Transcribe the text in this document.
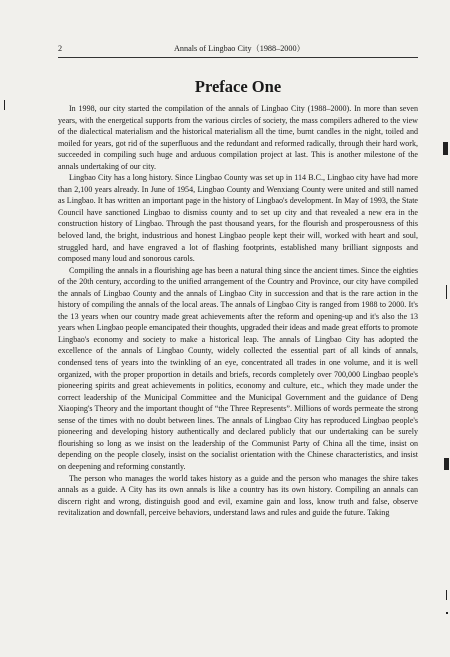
2	Annals of Lingbao City（1988–2000）
Preface One

In 1998, our city started the compilation of the annals of Lingbao City (1988–2000). In more than seven years, with the energetical supports from the various circles of society, the mass compilers adhered to the view of the dialectical materialism and the historical materialism all the time, burnt candles in the night, toiled and moiled for years, got rid of the superfluous and the redundant and reformed radically, through their hard work, succeeded in compiling such huge and arduous compilation project at last. This is another milestone of the annals undertaking of our city.

Lingbao City has a long history. Since Lingbao County was set up in 114 B.C., Lingbao city have had more than 2,100 years already. In June of 1954, Lingbao County and Wenxiang County were united and still named as Lingbao. It has written an important page in the history of Lingbao's development. In May of 1993, the State Council have sanctioned Lingbao to dismiss county and to set up city and that revealed a new era in the construction history of Lingbao. Through the past thousand years, for the flourish and prosperousness of this beloved land, the bright, industrious and honest Lingbao people kept their will, worked with heart and soul, struggled hard, and have engraved a lot of flashing footprints, established many brilliant signposts and composed many loud and sonorous carols.

Compiling the annals in a flourishing age has been a natural thing since the ancient times. Since the eighties of the 20th century, according to the unified arrangement of the Country and Province, our city have compiled the annals of Lingbao County and the annals of Lingbao City in succession and that is the rare action in the history of compiling the annals of the local areas. The annals of Lingbao City is ranged from 1988 to 2000. It's the 13 years when our country made great achievements after the reform and opening-up and it's also the 13 years when Lingbao people emancipated their thoughts, upgraded their ideas and made great efforts to promote Lingbao's economy and society to make a historical leap. The annals of Lingbao City has adopted the excellence of the annals of Lingbao County, widely collected the essential part of all kinds of annals, condensed tens of years into the twinkling of an eye, concentrated all trades in one volume, and it is well organized, with the proper proportion in details and briefs, records completely over 700,000 Lingbao people's pioneering spirits and great achievements in politics, economy and culture, etc., which they made under the correct leadership of the Municipal Committee and the Municipal Government and the guidance of Deng Xiaoping's Theory and the important thought of “the Three Represents”. Millions of words permeate the strong sense of the times with no doubt between lines. The annals of Lingbao City has reproduced Lingbao people's pioneering and developing history authentically and declared publicly that our undertaking can be surely flourishing so long as we insist on the leadership of the Communist Party of China all the time, insist on depending on the people closely, insist on the socialist orientation with the Chinese characteristics, and insist on deepening and reforming constantly.

The person who manages the world takes history as a guide and the person who manages the shire takes annals as a guide. A City has its own annals is like a country has its own history. Compiling an annals can discern right and wrong, distinguish good and evil, examine gain and loss, know truth and false, observe revitalization and downfall, perceive behaviors, understand laws and rules and guide the future. Taking
